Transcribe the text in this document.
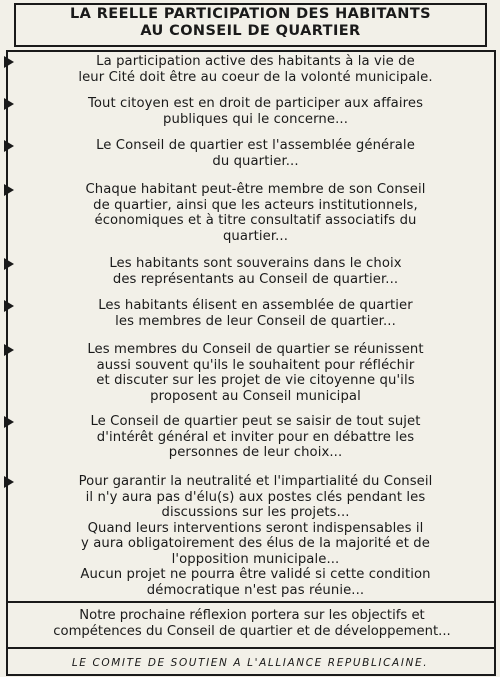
LA REELLE PARTICIPATION DES HABITANTS
AU CONSEIL DE QUARTIER

La participation active des habitants à la vie de
leur Cité doit être au coeur de la volonté municipale.

Tout citoyen est en droit de participer aux affaires
publiques qui le concerne...

Le Conseil de quartier est l'assemblée générale
du quartier...

Chaque habitant peut-être membre de son Conseil
de quartier, ainsi que les acteurs institutionnels,
économiques et à titre consultatif associatifs du
quartier...

Les habitants sont souverains dans le choix
des représentants au Conseil de quartier...

Les habitants élisent en assemblée de quartier
les membres de leur Conseil de quartier...

Les membres du Conseil de quartier se réunissent
aussi souvent qu'ils le souhaitent pour réfléchir
et discuter sur les projet de vie citoyenne qu'ils
proposent au Conseil municipal

Le Conseil de quartier peut se saisir de tout sujet
d'intérêt général et inviter pour en débattre les
personnes de leur choix...

Pour garantir la neutralité et l'impartialité du Conseil
il n'y aura pas d'élu(s) aux postes clés pendant les
discussions sur les projets...
Quand leurs interventions seront indispensables il
y aura obligatoirement des élus de la majorité et de
l'opposition municipale...
Aucun projet ne pourra être validé si cette condition
démocratique n'est pas réunie...

Notre prochaine réflexion portera sur les objectifs et
compétences du Conseil de quartier et de développement...
LE COMITE DE SOUTIEN A L'ALLIANCE REPUBLICAINE.
